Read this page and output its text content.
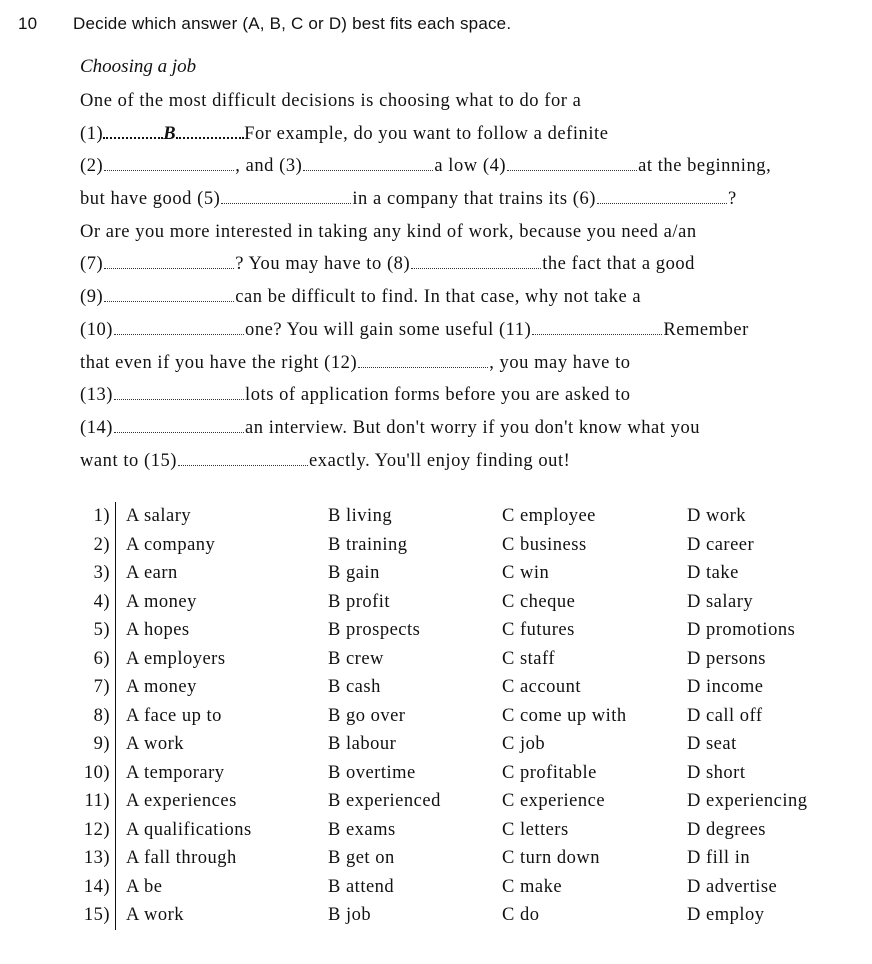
10 Decide which answer (A, B, C or D) best fits each space.
Choosing a job
One of the most difficult decisions is choosing what to do for a
(1)	B	For example, do you want to follow a definite
(2)	, and (3)	a low (4)	at the beginning,
but have good (5)	in a company that trains its (6)	?
Or are you more interested in taking any kind of work, because you need a/an
(7)	? You may have to (8)	the fact that a good
(9)	can be difficult to find. In that case, why not take a
(10)	one? You will gain some useful (11)	Remember
that even if you have the right (12)	, you may have to
(13)	lots of application forms before you are asked to
(14)	an interview. But don't worry if you don't know what you
want to (15)	exactly. You'll enjoy finding out!
1) A salary	B living	C employee	D work
2) A company	B training	C business	D career
3) A earn	B gain	C win	D take
4) A money	B profit	C cheque	D salary
5) A hopes	B prospects	C futures	D promotions
6) A employers	B crew	C staff	D persons
7) A money	B cash	C account	D income
8) A face up to	B go over	C come up with	D call off
9) A work	B labour	C job	D seat
10) A temporary	B overtime	C profitable	D short
11) A experiences	B experienced	C experience	D experiencing
12) A qualifications	B exams	C letters	D degrees
13) A fall through	B get on	C turn down	D fill in
14) A be	B attend	C make	D advertise
15) A work	B job	C do	D employ
